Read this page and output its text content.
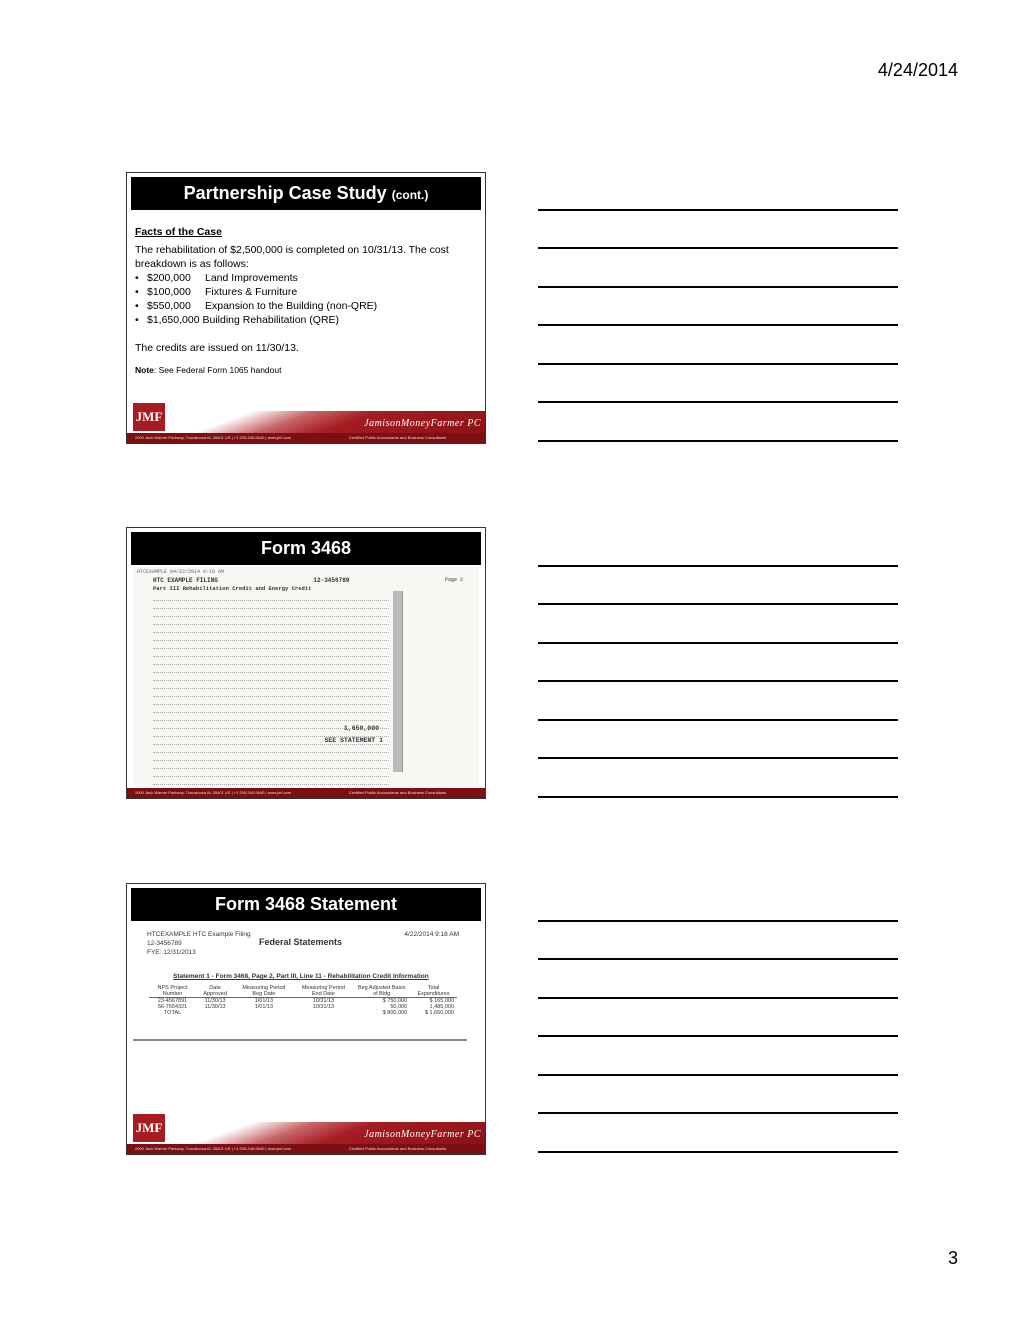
4/24/2014
Partnership Case Study (cont.)
Facts of the Case
The rehabilitation of $2,500,000 is completed on 10/31/13. The cost breakdown is as follows:
• $200,000 Land Improvements
• $100,000 Fixtures & Furniture
• $550,000 Expansion to the Building (non-QRE)
• $1,650,000 Building Rehabilitation (QRE)
The credits are issued on 11/30/13.
Note: See Federal Form 1065 handout
JMF	JamisonMoneyFarmer PC
2000 Jack Warner Parkway, Tuscaloosa AL 35401 US | +1 205-345-9640 | www.jmf.com	Certified Public Accountants and Business Consultants
Form 3468
HTCEXAMPLE 04/22/2014 9:18 AM
HTC EXAMPLE FILING	12-3456789	Page 2
Part III Rehabilitation Credit and Energy Credit
1,650,000
SEE STATEMENT 1
2000 Jack Warner Parkway, Tuscaloosa AL 35401 US | +1 205-345-9640 | www.jmf.com	Certified Public Accountants and Business Consultants
Form 3468 Statement
HTCEXAMPLE HTC Example Filing
12-3456789
FYE: 12/31/2013
Federal Statements
4/22/2014 9:18 AM
Statement 1 - Form 3468, Page 2, Part III, Line 11 - Rehabilitation Credit Information
NPS Project Number	Date Approved	Measuring Period Beg Date	Measuring Period End Date	Beg Adjusted Basis of Bldg	Total Expenditures
23-4567891	11/30/13	1/01/13	10/31/13	$ 750,000	$ 165,000
56-7654321	11/30/13	1/01/13	10/31/13	50,000	1,485,000
TOTAL				$ 800,000	$ 1,650,000
JMF	JamisonMoneyFarmer PC
2000 Jack Warner Parkway, Tuscaloosa AL 35401 US | +1 205-345-9640 | www.jmf.com	Certified Public Accountants and Business Consultants
3
